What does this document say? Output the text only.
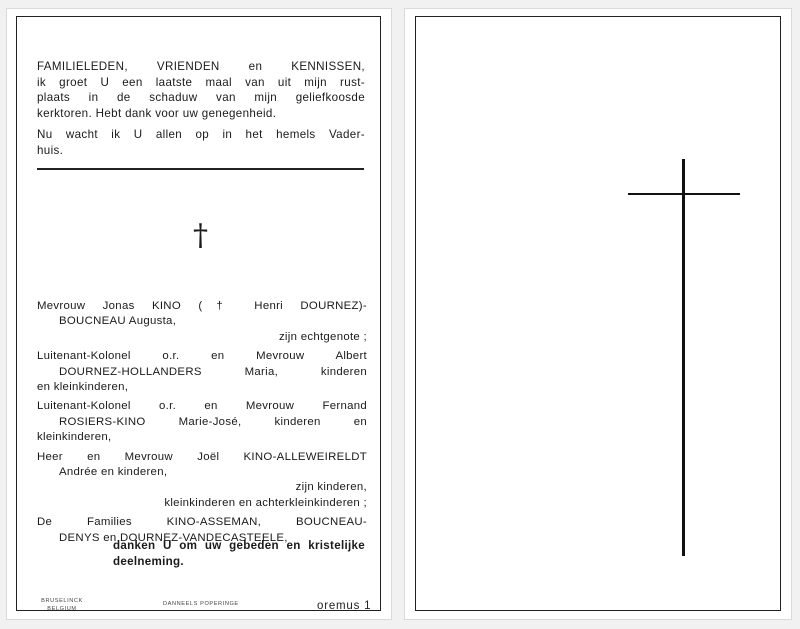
FAMILIELEDEN, VRIENDEN en KENNISSEN,
ik groet U een laatste maal van uit mijn rust-
plaats in de schaduw van mijn geliefkoosde
kerktoren. Hebt dank voor uw genegenheid.

Nu wacht ik U allen op in het hemels Vader-
huis.

†
Mevrouw Jonas KINO († Henri DOURNEZ)-
BOUCNEAU Augusta,
zijn echtgenote ;
Luitenant-Kolonel o.r. en Mevrouw Albert
DOURNEZ-HOLLANDERS Maria, kinderen
en kleinkinderen,
Luitenant-Kolonel o.r. en Mevrouw Fernand
ROSIERS-KINO Marie-José, kinderen en
kleinkinderen,
Heer en Mevrouw Joël KINO-ALLEWEIRELDT
Andrée en kinderen,
zijn kinderen,
kleinkinderen en achterkleinkinderen ;
De Families KINO-ASSEMAN, BOUCNEAU-
DENYS en DOURNEZ-VANDECASTEELE,
danken U om uw gebeden en kristelijke
deelneming.
BRUSELINCK
BELGIUM
DANNEELS POPERINGE	oremus 1
